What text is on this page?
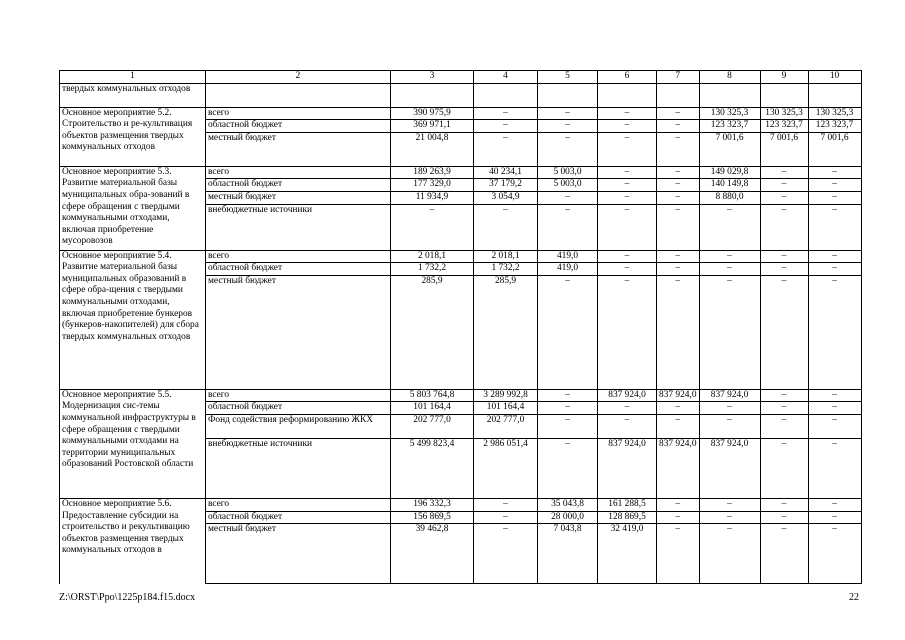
1	2	3	4	5	6	7	8	9	10
твердых коммунальных отходов									
Основное мероприятие 5.2. Строительство и ре-культивация объектов размещения твердых коммунальных отходов	всего	390 975,9	–	–	–	–	130 325,3	130 325,3	130 325,3
	областной бюджет	369 971,1	–	–	–	–	123 323,7	123 323,7	123 323,7
	местный бюджет	21 004,8	–	–	–	–	7 001,6	7 001,6	7 001,6
Основное мероприятие 5.3. Развитие материальной базы муниципальных обра-зований в сфере обращения с твердыми коммунальными отходами, включая приобретение мусоровозов	всего	189 263,9	40 234,1	5 003,0	–	–	149 029,8	–	–
	областной бюджет	177 329,0	37 179,2	5 003,0	–	–	140 149,8	–	–
	местный бюджет	11 934,9	3 054,9	–	–	–	8 880,0	–	–
	внебюджетные источники	–	–	–	–	–	–	–	–
Основное мероприятие 5.4. Развитие материальной базы муниципальных образований в сфере обра-щения с твердыми коммунальными отходами, включая приобретение бункеров (бункеров-накопителей) для сбора твердых коммунальных отходов	всего	2 018,1	2 018,1	419,0	–	–	–	–	–
	областной бюджет	1 732,2	1 732,2	419,0	–	–	–	–	–
	местный бюджет	285,9	285,9	–	–	–	–	–	–
Основное мероприятие 5.5. Модернизация сис-темы коммунальной инфраструктуры в сфере обращения с твердыми коммунальными отходами на территории муниципальных образований Ростовской области	всего	5 803 764,8	3 289 992,8	–	837 924,0	837 924,0	837 924,0	–	–
	областной бюджет	101 164,4	101 164,4	–	–	–	–	–	–
	Фонд содействия реформированию ЖКХ	202 777,0	202 777,0	–	–	–	–	–	–
	внебюджетные источники	5 499 823,4	2 986 051,4	–	837 924,0	837 924,0	837 924,0	–	–
Основное мероприятие 5.6. Предоставление субсидии на строительство и рекультивацию объектов размещения твердых коммунальных отходов в	всего	196 332,3	–	35 043,8	161 288,5	–	–	–	–
	областной бюджет	156 869,5	–	28 000,0	128 869,5	–	–	–	–
	местный бюджет	39 462,8	–	7 043,8	32 419,0	–	–	–	–
Z:\ORST\Ppo\1225p184.f15.docx	22
